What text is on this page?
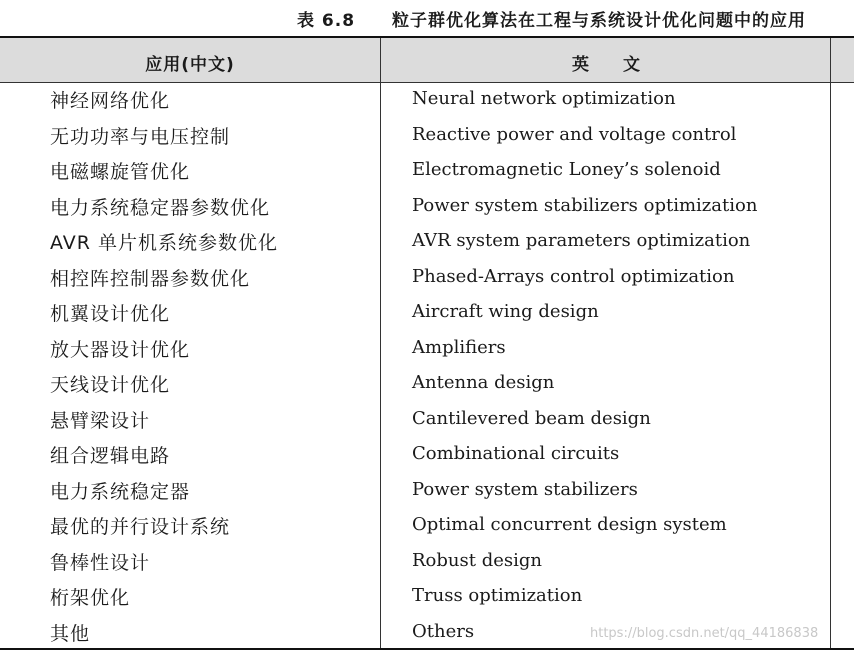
表 6.8 粒子群优化算法在工程与系统设计优化问题中的应用
应用(中文)	英　　文
神经网络优化	Neural network optimization
无功功率与电压控制	Reactive power and voltage control
电磁螺旋管优化	Electromagnetic Loney’s solenoid
电力系统稳定器参数优化	Power system stabilizers optimization
AVR 单片机系统参数优化	AVR system parameters optimization
相控阵控制器参数优化	Phased-Arrays control optimization
机翼设计优化	Aircraft wing design
放大器设计优化	Amplifiers
天线设计优化	Antenna design
悬臂梁设计	Cantilevered beam design
组合逻辑电路	Combinational circuits
电力系统稳定器	Power system stabilizers
最优的并行设计系统	Optimal concurrent design system
鲁棒性设计	Robust design
桁架优化	Truss optimization
其他	Others	https://blog.csdn.net/qq_44186838
